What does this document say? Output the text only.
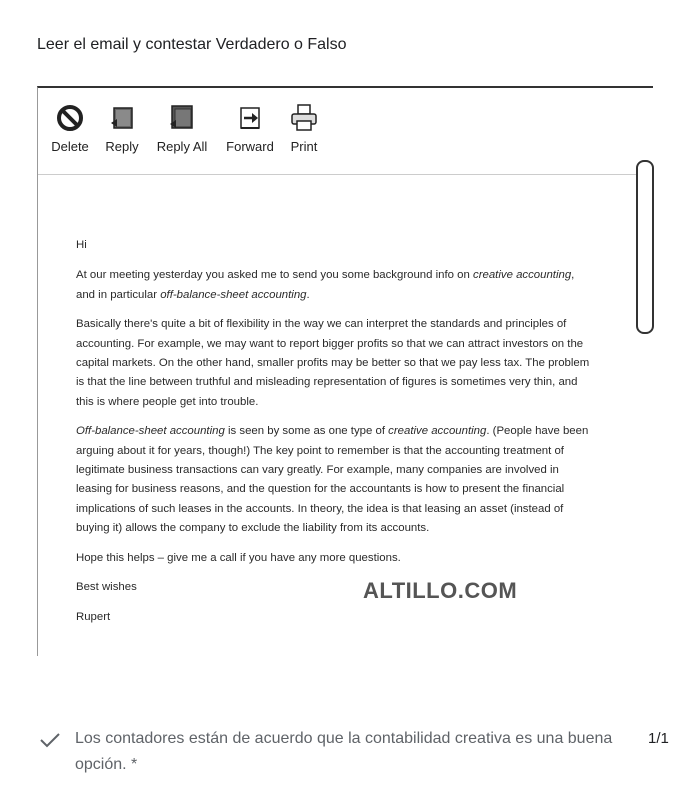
Leer el email y contestar Verdadero o Falso
Delete Reply Reply All Forward Print

Hi

At our meeting yesterday you asked me to send you some background info on creative accounting, and in particular off-balance-sheet accounting.

Basically there's quite a bit of flexibility in the way we can interpret the standards and principles of accounting. For example, we may want to report bigger profits so that we can attract investors on the capital markets. On the other hand, smaller profits may be better so that we pay less tax. The problem is that the line between truthful and misleading representation of figures is sometimes very thin, and this is where people get into trouble.

Off-balance-sheet accounting is seen by some as one type of creative accounting. (People have been arguing about it for years, though!) The key point to remember is that the accounting treatment of legitimate business transactions can vary greatly. For example, many companies are involved in leasing for business reasons, and the question for the accountants is how to present the financial implications of such leases in the accounts. In theory, the idea is that leasing an asset (instead of buying it) allows the company to exclude the liability from its accounts.

Hope this helps – give me a call if you have any more questions.

Best wishes

Rupert

ALTILLO.COM
Los contadores están de acuerdo que la contabilidad creativa es una buena opción. *
1/1
